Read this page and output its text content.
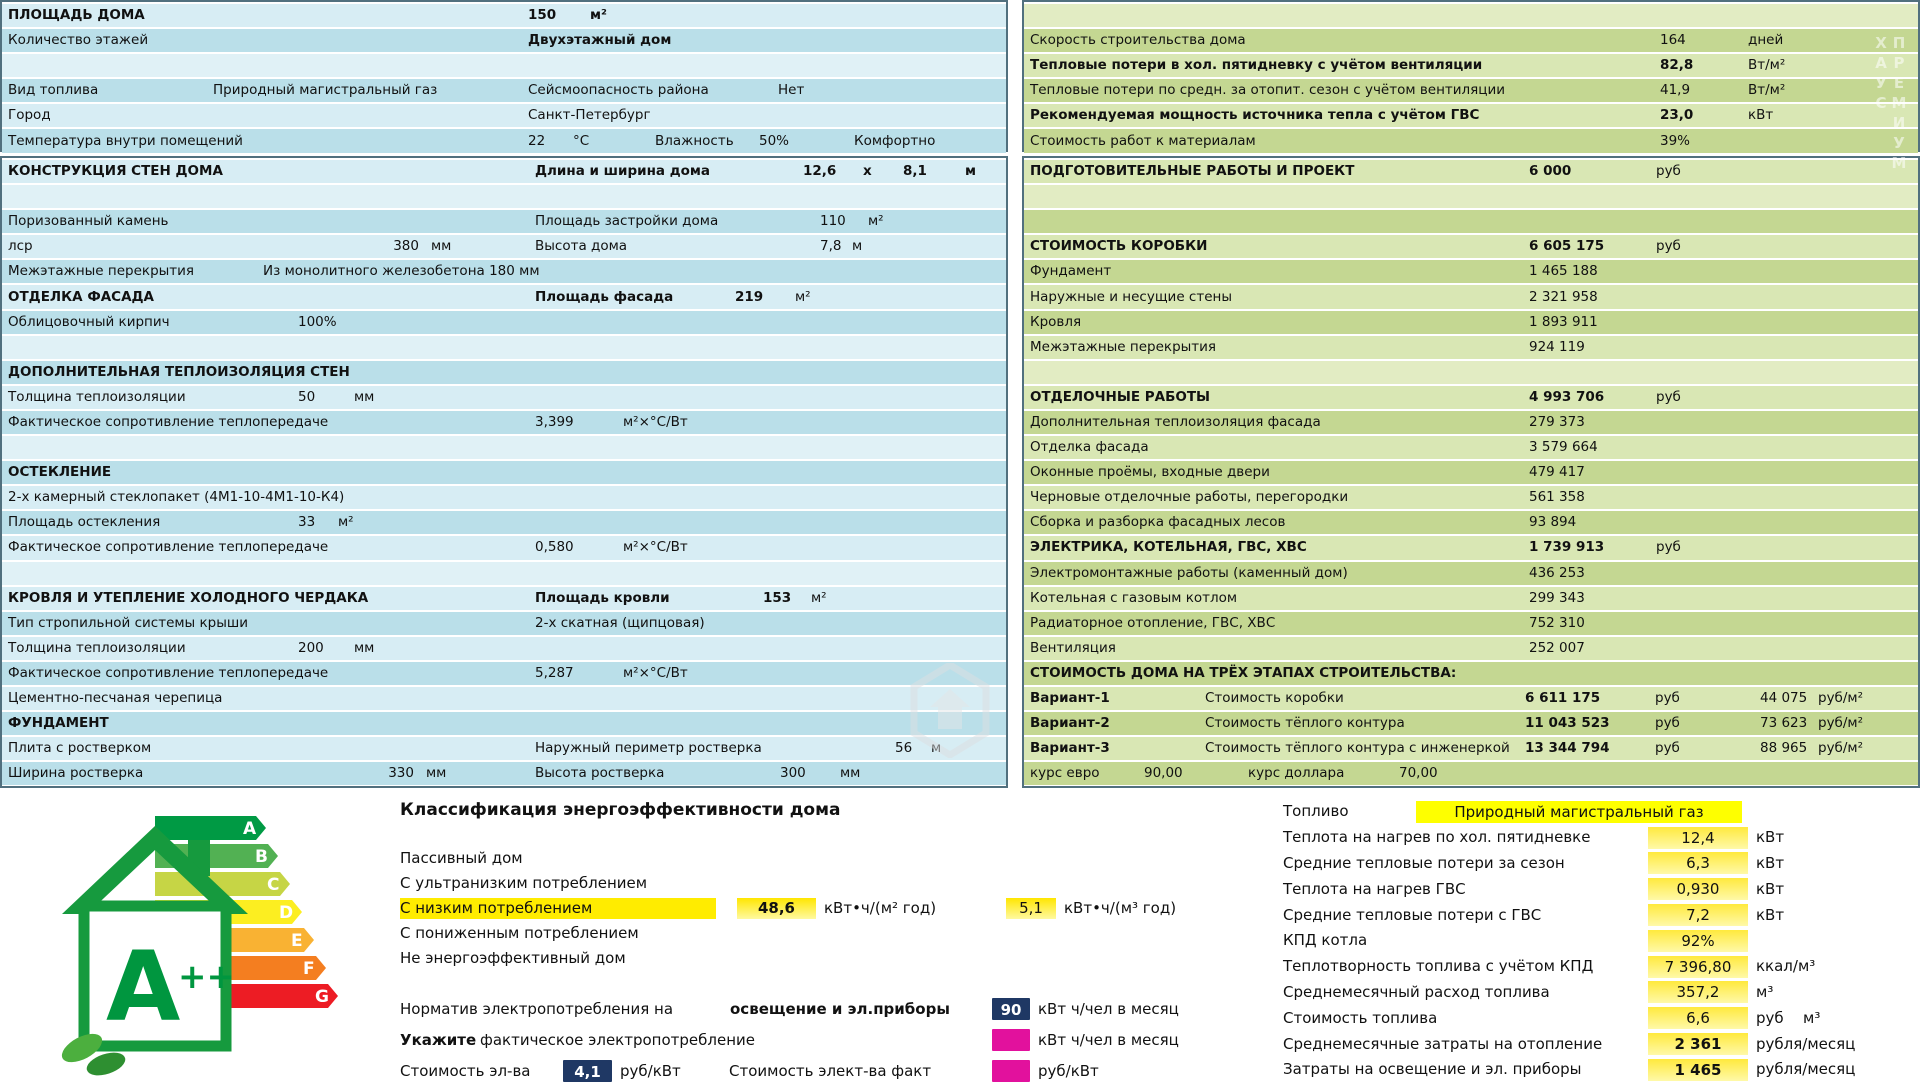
ПЛОЩАДЬ ДОМА	150	м²
Количество этажей	Двухэтажный дом
Вид топлива	Природный магистральный газ	Сейсмоопасность района	Нет
Город	Санкт-Петербург
Температура внутри помещений	22	°С	Влажность	50%	Комфортно
КОНСТРУКЦИЯ СТЕН ДОМА	Длина и ширина дома	12,6	х	8,1	м
Поризованный камень	Площадь застройки дома	110	м²
лср	380 мм	Высота дома	7,8 м
Межэтажные перекрытия	Из монолитного железобетона 180 мм
ОТДЕЛКА ФАСАДА	Площадь фасада	219	м²
Облицовочный кирпич	100%
ДОПОЛНИТЕЛЬНАЯ ТЕПЛОИЗОЛЯЦИЯ СТЕН
Толщина теплоизоляции	50	мм
Фактическое сопротивление теплопередаче	3,399	м²×°С/Вт
ОСТЕКЛЕНИЕ
2-х камерный стеклопакет (4М1-10-4М1-10-К4)
Площадь остекления	33	м²
Фактическое сопротивление теплопередаче	0,580	м²×°С/Вт
КРОВЛЯ И УТЕПЛЕНИЕ ХОЛОДНОГО ЧЕРДАКА	Площадь кровли	153	м²
Тип стропильной системы крыши	2-х скатная (щипцовая)
Толщина теплоизоляции	200	мм
Фактическое сопротивление теплопередаче	5,287	м²×°С/Вт
Цементно-песчаная черепица
ФУНДАМЕНТ
Плита с ростверком	Наружный периметр ростверка	56	м
Ширина ростверка	330 мм	Высота ростверка	300	мм
Скорость строительства дома	164	дней
Тепловые потери в хол. пятидневку с учётом вентиляции	82,8	Вт/м²
Тепловые потери по средн. за отопит. сезон с учётом вентиляции	41,9	Вт/м²
Рекомендуемая мощность источника тепла с учётом ГВС	23,0	кВт
Стоимость работ к материалам	39%
ПОДГОТОВИТЕЛЬНЫЕ РАБОТЫ И ПРОЕКТ	6 000	руб
СТОИМОСТЬ КОРОБКИ	6 605 175	руб
Фундамент	1 465 188
Наружные и несущие стены	2 321 958
Кровля	1 893 911
Межэтажные перекрытия	924 119
ОТДЕЛОЧНЫЕ РАБОТЫ	4 993 706	руб
Дополнительная теплоизоляция фасада	279 373
Отделка фасада	3 579 664
Оконные проёмы, входные двери	479 417
Черновые отделочные работы, перегородки	561 358
Сборка и разборка фасадных лесов	93 894
ЭЛЕКТРИКА, КОТЕЛЬНАЯ, ГВС, ХВС	1 739 913	руб
Электромонтажные работы (каменный дом)	436 253
Котельная с газовым котлом	299 343
Радиаторное отопление, ГВС, ХВС	752 310
Вентиляция	252 007
СТОИМОСТЬ ДОМА НА ТРЁХ ЭТАПАХ СТРОИТЕЛЬСТВА:
Вариант-1	Стоимость коробки	6 611 175	руб	44 075 руб/м²
Вариант-2	Стоимость тёплого контура	11 043 523	руб	73 623 руб/м²
Вариант-3	Стоимость тёплого контура с инженеркой	13 344 794	руб	88 965 руб/м²
курс евро	90,00	курс доллара	70,00
ПРЕМИУМ ХАУС
A
B
C
D
E
F
G
A
++
Классификация энергоэффективности дома
Пассивный дом
С ультранизким потреблением
С низким потреблением	48,6	кВт•ч/(м² год)	5,1	кВт•ч/(м³ год)
С пониженным потреблением
Не энергоэффективный дом
Норматив электропотребления на	освещение и эл.приборы	90	кВт ч/чел в месяц
Укажите фактическое электропотребление	кВт ч/чел в месяц
Стоимость эл-ва	4,1	руб/кВт	Стоимость элект-ва факт	руб/кВт
Топливо	Природный магистральный газ
Теплота на нагрев по хол. пятидневке	12,4	кВт
Средние тепловые потери за сезон	6,3	кВт
Теплота на нагрев ГВС	0,930	кВт
Средние тепловые потери с ГВС	7,2	кВт
КПД котла	92%
Теплотворность топлива с учётом КПД	7 396,80	ккал/м³
Среднемесячный расход топлива	357,2	м³
Стоимость топлива	6,6	руб	м³
Среднемесячные затраты на отопление	2 361	рубля/месяц
Затраты на освещение и эл. приборы	1 465	рубля/месяц
